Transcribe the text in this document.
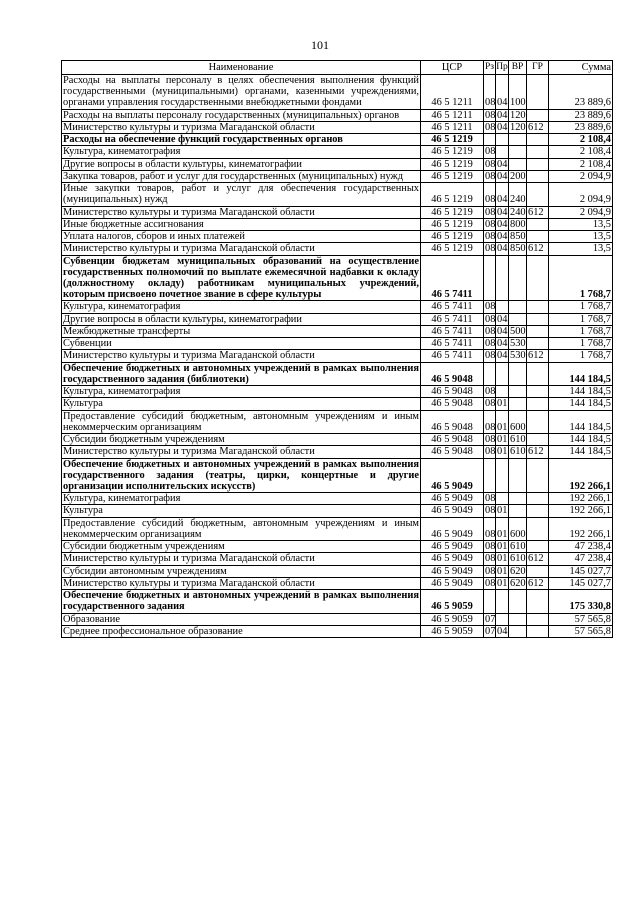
101
Наименование	ЦСР	Рз	Пр	ВР	ГР	Сумма
Расходы на выплаты персоналу в целях обеспечения выполнения функций государственными (муниципальными) органами, казенными учреждениями, органами управления государственными внебюджетными фондами	46 5 1211	08	04	100		23 889,6
Расходы на выплаты персоналу государственных (муниципальных) органов	46 5 1211	08	04	120		23 889,6
Министерство культуры и туризма Магаданской области	46 5 1211	08	04	120	612	23 889,6
Расходы на обеспечение функций государственных органов	46 5 1219					2 108,4
Культура, кинематография	46 5 1219	08				2 108,4
Другие вопросы в области культуры, кинематографии	46 5 1219	08	04			2 108,4
Закупка товаров, работ и услуг для государственных (муниципальных) нужд	46 5 1219	08	04	200		2 094,9
Иные закупки товаров, работ и услуг для обеспечения государственных (муниципальных) нужд	46 5 1219	08	04	240		2 094,9
Министерство культуры и туризма Магаданской области	46 5 1219	08	04	240	612	2 094,9
Иные бюджетные ассигнования	46 5 1219	08	04	800		13,5
Уплата налогов, сборов и иных платежей	46 5 1219	08	04	850		13,5
Министерство культуры и туризма Магаданской области	46 5 1219	08	04	850	612	13,5
Субвенции бюджетам муниципальных образований на осуществление государственных полномочий по выплате ежемесячной надбавки к окладу (должностному окладу) работникам муниципальных учреждений, которым присвоено почетное звание в сфере культуры	46 5 7411					1 768,7
Культура, кинематография	46 5 7411	08				1 768,7
Другие вопросы в области культуры, кинематографии	46 5 7411	08	04			1 768,7
Межбюджетные трансферты	46 5 7411	08	04	500		1 768,7
Субвенции	46 5 7411	08	04	530		1 768,7
Министерство культуры и туризма Магаданской области	46 5 7411	08	04	530	612	1 768,7
Обеспечение бюджетных и автономных учреждений в рамках выполнения государственного задания (библиотеки)	46 5 9048					144 184,5
Культура, кинематография	46 5 9048	08				144 184,5
Культура	46 5 9048	08	01			144 184,5
Предоставление субсидий бюджетным, автономным учреждениям и иным некоммерческим организациям	46 5 9048	08	01	600		144 184,5
Субсидии бюджетным учреждениям	46 5 9048	08	01	610		144 184,5
Министерство культуры и туризма Магаданской области	46 5 9048	08	01	610	612	144 184,5
Обеспечение бюджетных и автономных учреждений в рамках выполнения государственного задания (театры, цирки, концертные и другие организации исполнительских искусств)	46 5 9049					192 266,1
Культура, кинематография	46 5 9049	08				192 266,1
Культура	46 5 9049	08	01			192 266,1
Предоставление субсидий бюджетным, автономным учреждениям и иным некоммерческим организациям	46 5 9049	08	01	600		192 266,1
Субсидии бюджетным учреждениям	46 5 9049	08	01	610		47 238,4
Министерство культуры и туризма Магаданской области	46 5 9049	08	01	610	612	47 238,4
Субсидии автономным учреждениям	46 5 9049	08	01	620		145 027,7
Министерство культуры и туризма Магаданской области	46 5 9049	08	01	620	612	145 027,7
Обеспечение бюджетных и автономных учреждений в рамках выполнения государственного задания	46 5 9059					175 330,8
Образование	46 5 9059	07				57 565,8
Среднее профессиональное образование	46 5 9059	07	04			57 565,8
